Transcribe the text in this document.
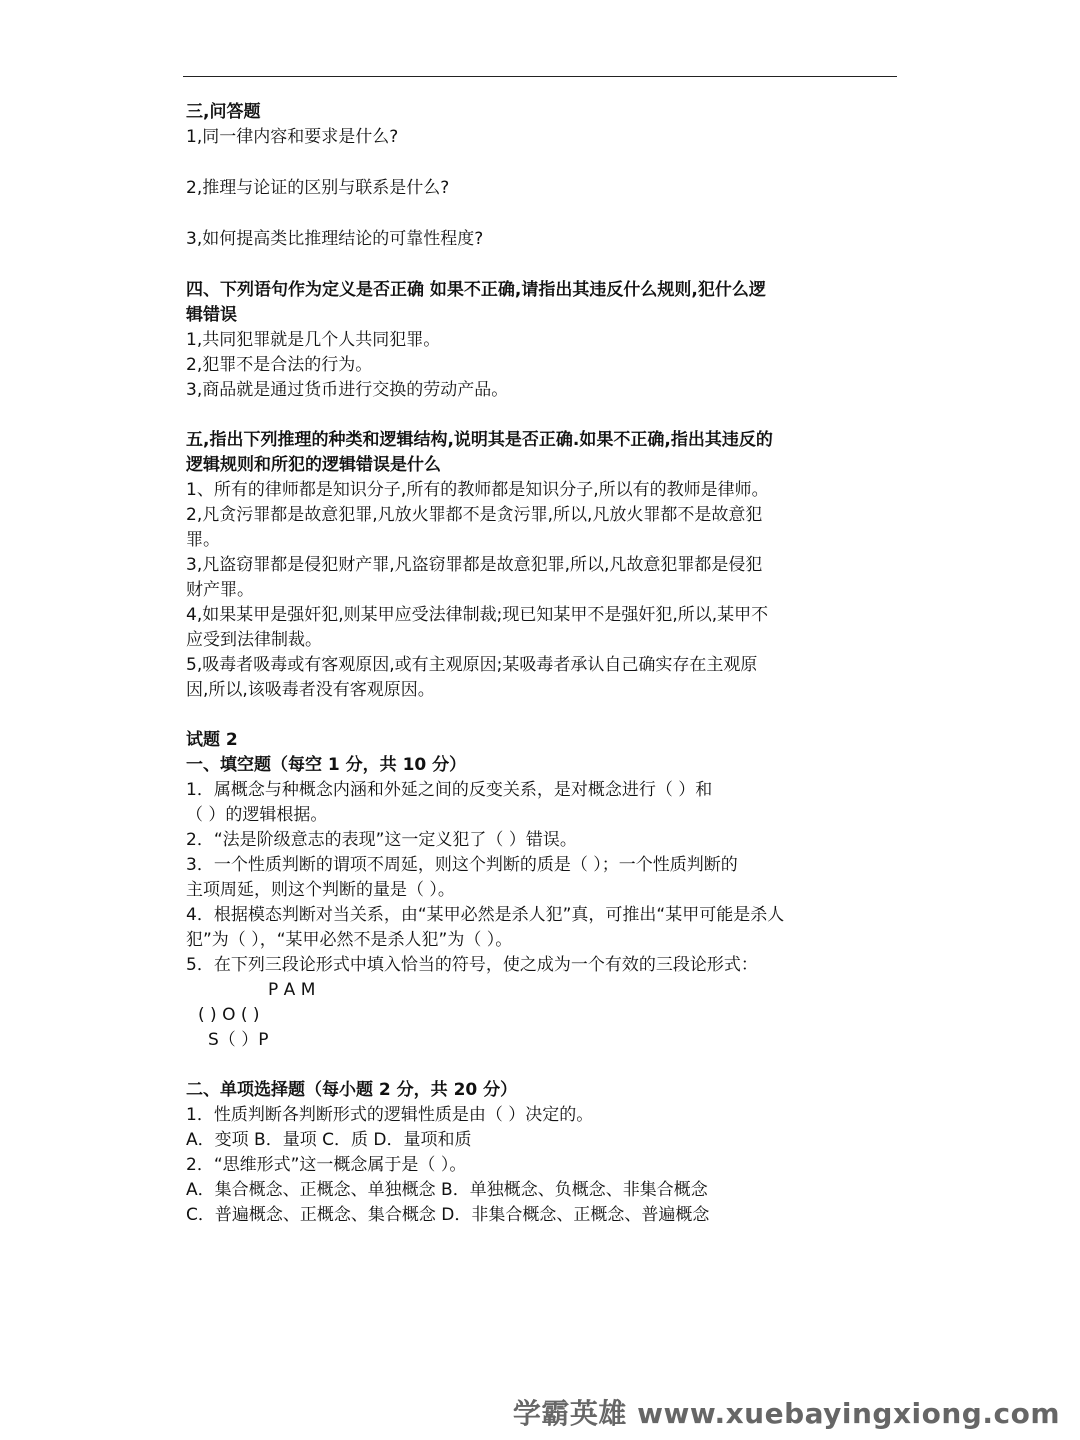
三,问答题
1,同一律内容和要求是什么?
2,推理与论证的区别与联系是什么?
3,如何提高类比推理结论的可靠性程度?
四、下列语句作为定义是否正确 如果不正确,请指出其违反什么规则,犯什么逻
辑错误
1,共同犯罪就是几个人共同犯罪。
2,犯罪不是合法的行为。
3,商品就是通过货币进行交换的劳动产品。
五,指出下列推理的种类和逻辑结构,说明其是否正确.如果不正确,指出其违反的
逻辑规则和所犯的逻辑错误是什么
1、所有的律师都是知识分子,所有的教师都是知识分子,所以有的教师是律师。
2,凡贪污罪都是故意犯罪,凡放火罪都不是贪污罪,所以,凡放火罪都不是故意犯
罪。
3,凡盗窃罪都是侵犯财产罪,凡盗窃罪都是故意犯罪,所以,凡故意犯罪都是侵犯
财产罪。
4,如果某甲是强奸犯,则某甲应受法律制裁;现已知某甲不是强奸犯,所以,某甲不
应受到法律制裁。
5,吸毒者吸毒或有客观原因,或有主观原因;某吸毒者承认自己确实存在主观原
因,所以,该吸毒者没有客观原因。
试题 2
一、填空题（每空 1 分，共 10 分）
1．属概念与种概念内涵和外延之间的反变关系，是对概念进行（ ）和
（ ）的逻辑根据。
2．“法是阶级意志的表现”这一定义犯了（ ）错误。
3．一个性质判断的谓项不周延，则这个判断的质是（ ）；一个性质判断的
主项周延，则这个判断的量是（ ）。
4．根据模态判断对当关系，由“某甲必然是杀人犯”真，可推出“某甲可能是杀人
犯”为（ ），“某甲必然不是杀人犯”为（ ）。
5．在下列三段论形式中填入恰当的符号，使之成为一个有效的三段论形式：
P A M
( ) O ( )
S（ ）P
二、单项选择题（每小题 2 分，共 20 分）
1．性质判断各判断形式的逻辑性质是由（ ）决定的。
A．变项 B．量项 C．质 D．量项和质
2．“思维形式”这一概念属于是（ ）。
A．集合概念、正概念、单独概念 B．单独概念、负概念、非集合概念
C．普遍概念、正概念、集合概念 D．非集合概念、正概念、普遍概念
学霸英雄 www.xuebayingxiong.com
